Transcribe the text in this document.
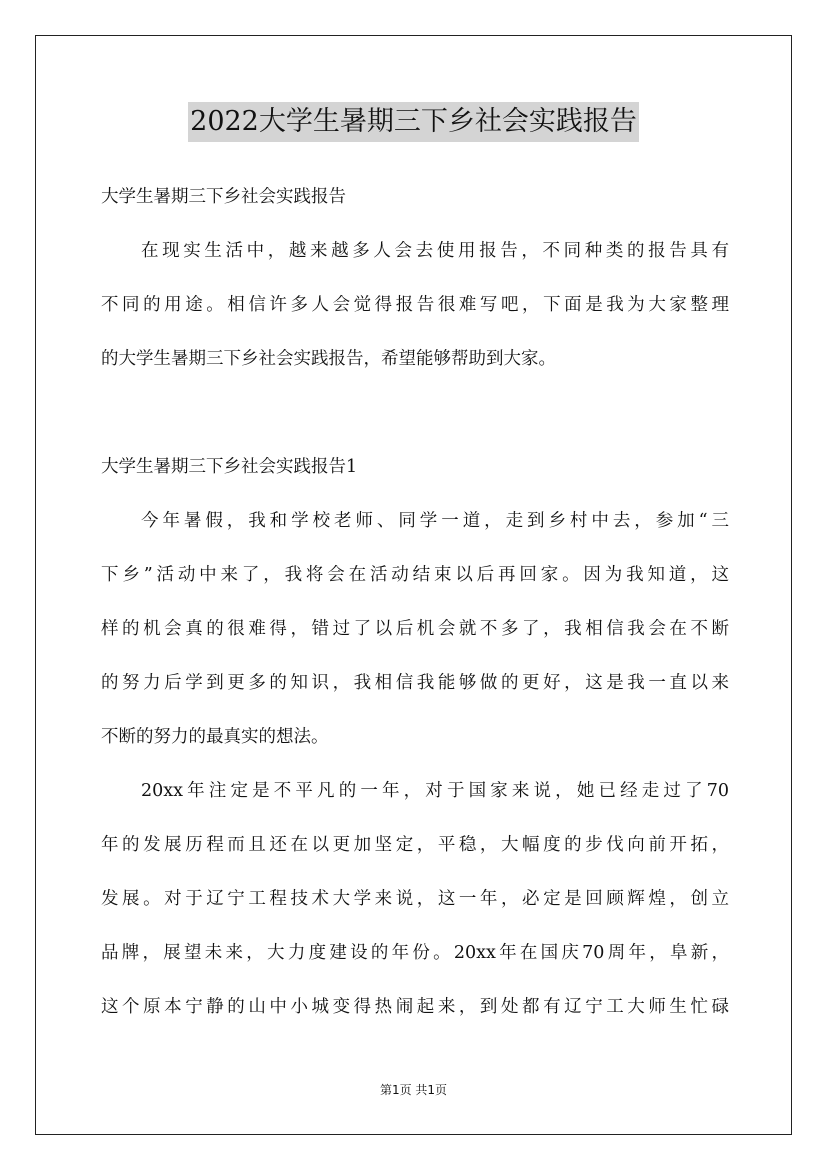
2022大学生暑期三下乡社会实践报告
大学生暑期三下乡社会实践报告
在现实生活中，越来越多人会去使用报告，不同种类的报告具有
不同的用途。相信许多人会觉得报告很难写吧，下面是我为大家整理
的大学生暑期三下乡社会实践报告，希望能够帮助到大家。
大学生暑期三下乡社会实践报告1
今年暑假，我和学校老师、同学一道，走到乡村中去，参加“三
下乡”活动中来了，我将会在活动结束以后再回家。因为我知道，这
样的机会真的很难得，错过了以后机会就不多了，我相信我会在不断
的努力后学到更多的知识，我相信我能够做的更好，这是我一直以来
不断的努力的最真实的想法。
20xx年注定是不平凡的一年，对于国家来说，她已经走过了70
年的发展历程而且还在以更加坚定，平稳，大幅度的步伐向前开拓，
发展。对于辽宁工程技术大学来说，这一年，必定是回顾辉煌，创立
品牌，展望未来，大力度建设的年份。20xx年在国庆70周年，阜新，
这个原本宁静的山中小城变得热闹起来，到处都有辽宁工大师生忙碌
第1页 共1页
